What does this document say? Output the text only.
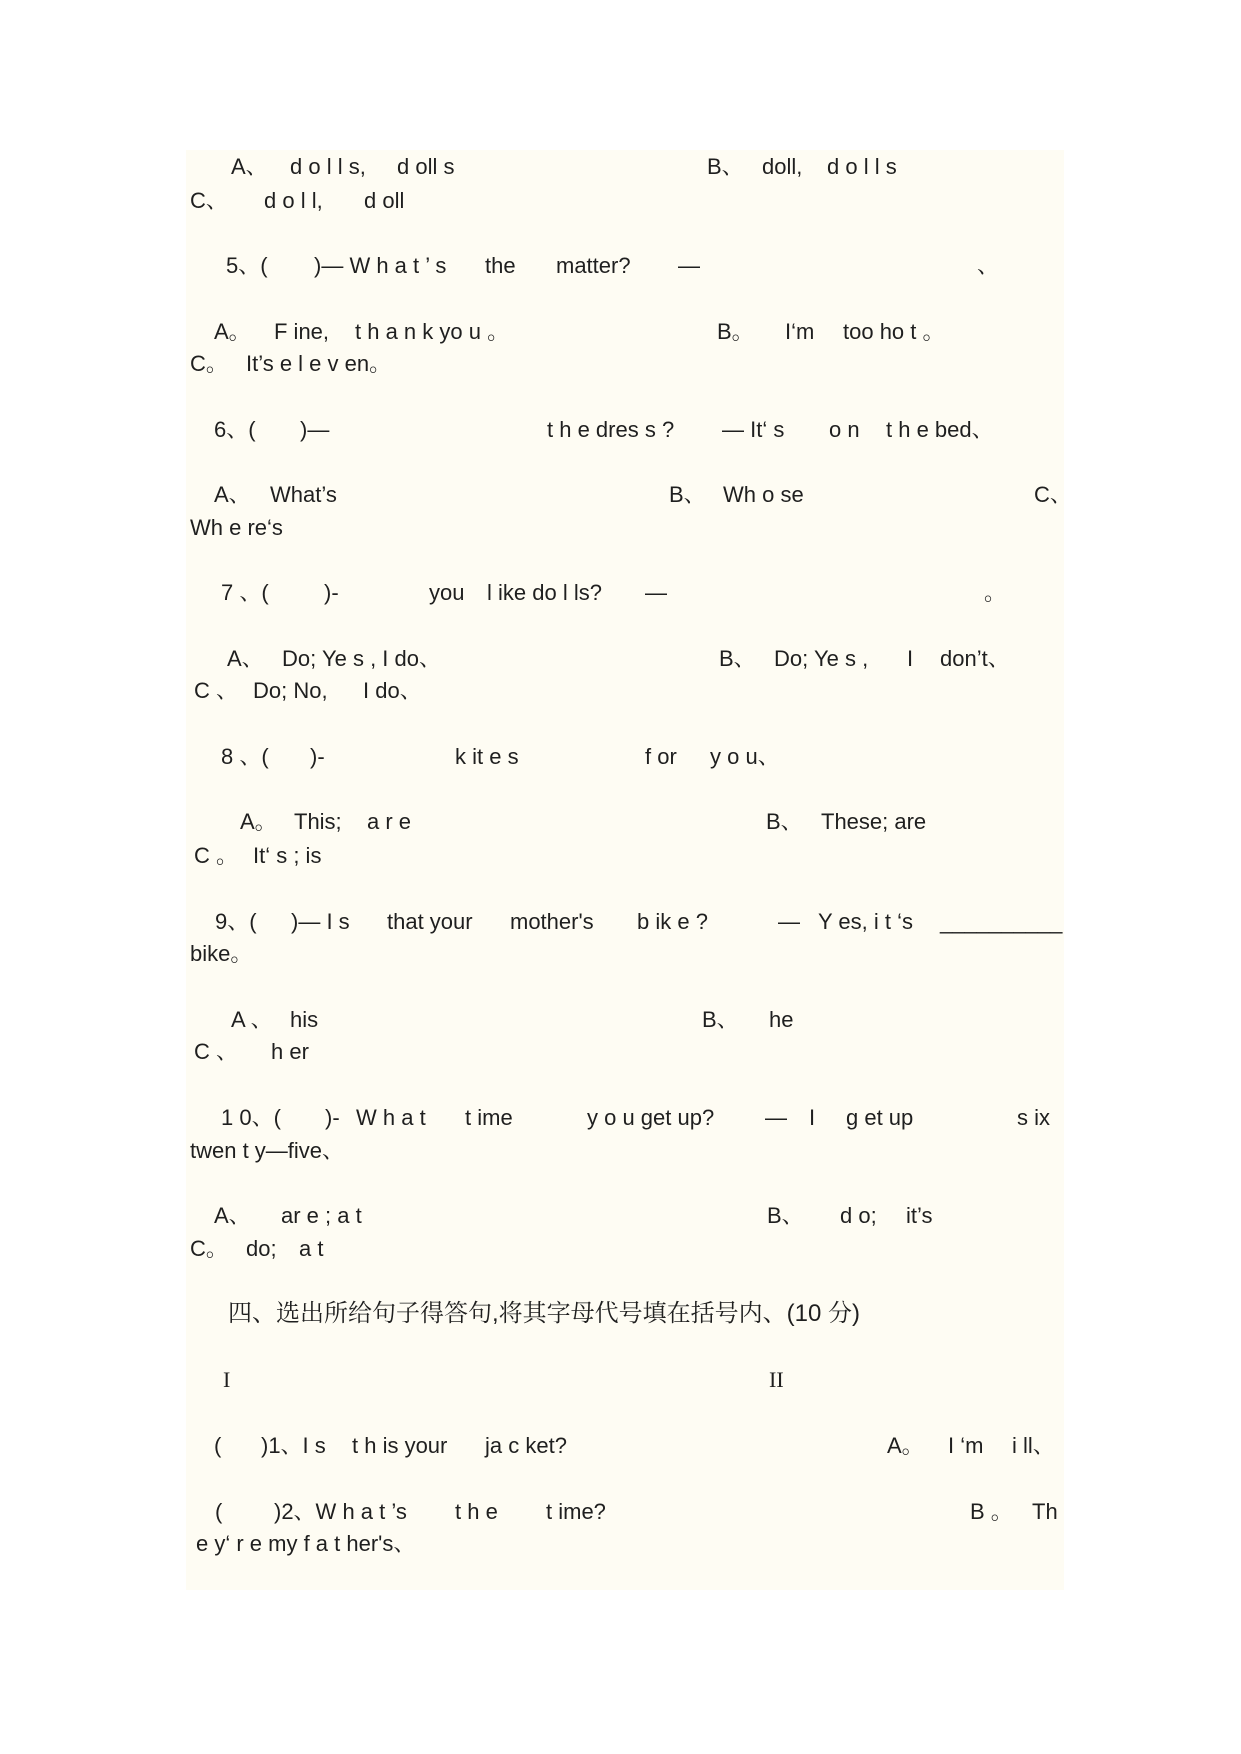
A、 d o l l s, d oll s	B、 doll, d o l l s
C、 d o l l, d oll
5、( )— W h a t ’ s the matter? —	、
A。 F ine, t h a n k yo u 。	B。 I‘m too ho t 。
C。 It’s e l e v en。
6、( )—	t h e dres s ? — It‘ s o n t h e bed、
A、 What’s	B、 Wh o se	C、
Wh e re‘s
7 、(	)-	you l ike do l ls? —	。
A、 Do; Ye s , I do、	B、 Do; Ye s , I don’t、
C 、 Do; No, I do、
8 、( )-	k it e s	f or y o u、
A。 This; a r e	B、 These; are
C 。 It‘ s ; is
9、( )— I s that your mother's b ik e ?	— Y es, i t ‘s __________
bike。
A 、 his	B、 he
C 、 h er
1 0、( )- W h a t t ime	y o u get up? — I g et up	s ix
twen t y—five、
A、 ar e ; a t	B、 d o; it’s
C。 do; a t
四、选出所给句子得答句,将其字母代号填在括号内、(10 分)
I	II
( )1、I s t h is your ja c ket?	A。 I ‘m i ll、
( )2、W h a t ’s t h e t ime?	B 。 Th
e y‘ r e my f a t her's、
